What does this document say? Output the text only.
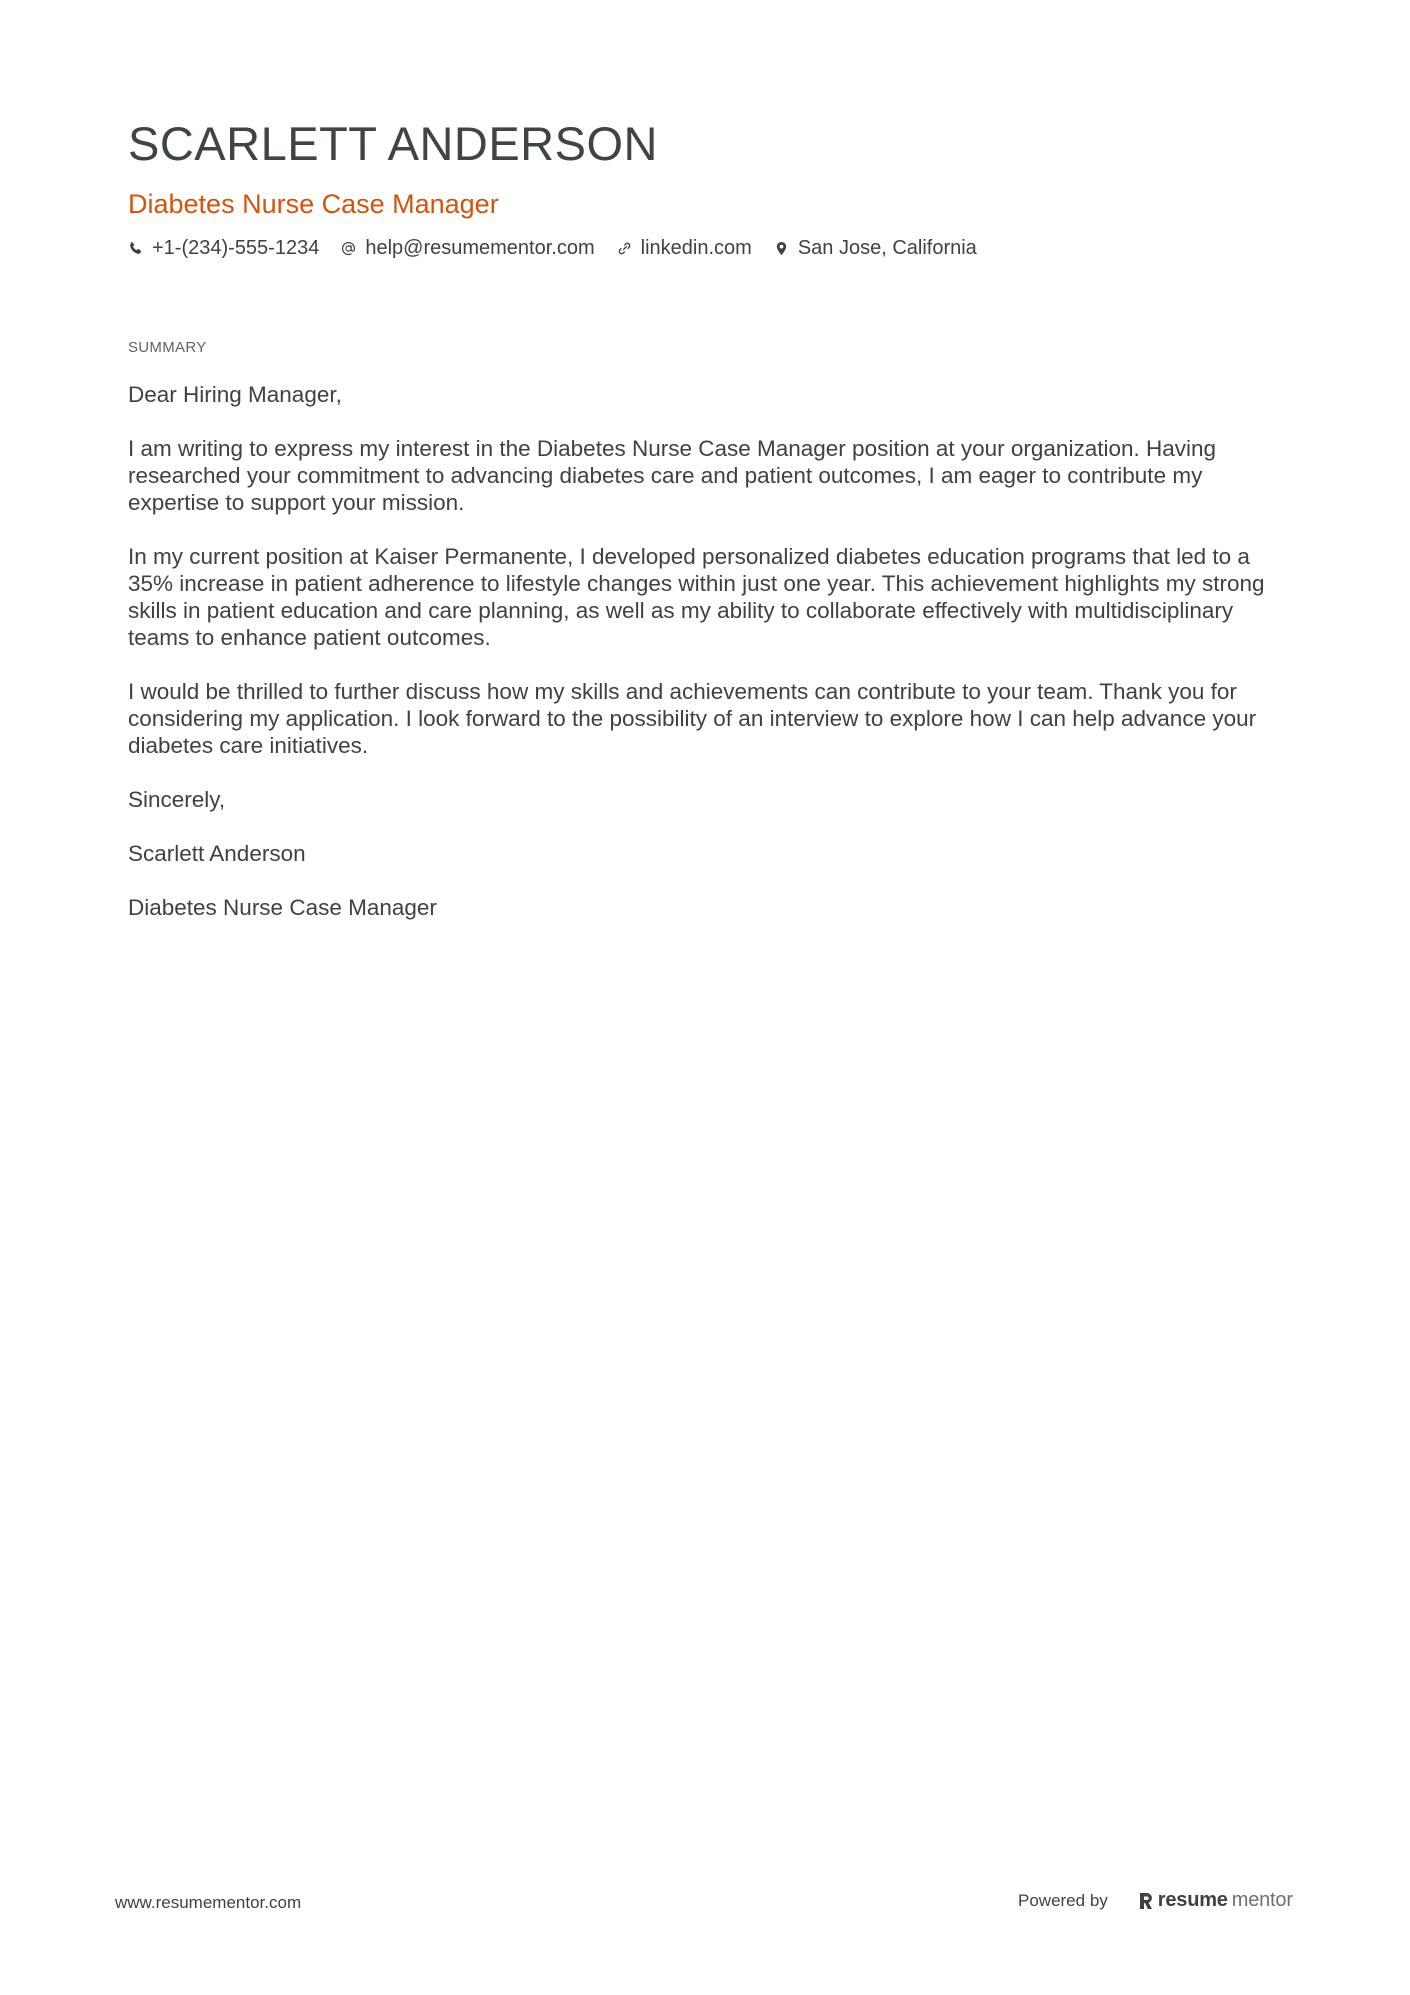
SCARLETT ANDERSON
Diabetes Nurse Case Manager
+1-(234)-555-1234 help@resumementor.com linkedin.com San Jose, California
SUMMARY

Dear Hiring Manager,

I am writing to express my interest in the Diabetes Nurse Case Manager position at your organization. Having researched your commitment to advancing diabetes care and patient outcomes, I am eager to contribute my expertise to support your mission.

In my current position at Kaiser Permanente, I developed personalized diabetes education programs that led to a 35% increase in patient adherence to lifestyle changes within just one year. This achievement highlights my strong skills in patient education and care planning, as well as my ability to collaborate effectively with multidisciplinary teams to enhance patient outcomes.

I would be thrilled to further discuss how my skills and achievements can contribute to your team. Thank you for considering my application. I look forward to the possibility of an interview to explore how I can help advance your diabetes care initiatives.

Sincerely,

Scarlett Anderson

Diabetes Nurse Case Manager

www.resumementor.com	Powered by	resume mentor
